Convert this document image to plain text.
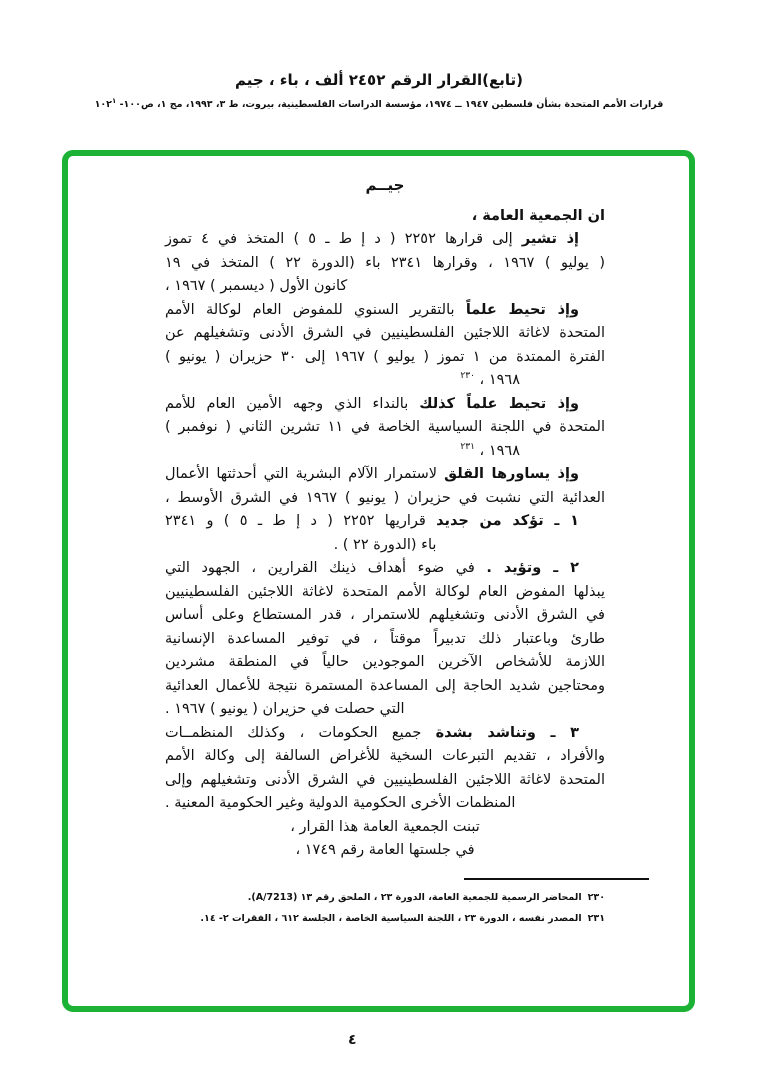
(تابع)القرار الرقم ٢٤٥٢ ألف ، باء ، جيم
قرارات الأمم المتحدة بشأن فلسطين ١٩٤٧ ــ ١٩٧٤، مؤسسة الدراسات الفلسطينية، بيروت، ط ٣، ١٩٩٣، مج ١، ص١٠٠- $١٠٢^١$
جيــم
ان الجمعية العامة ،
إذ تشير إلى قرارها ٢٢٥٢ ( د إ ط ـ ٥ ) المتخذ في ٤ تموز
( يوليو ) ١٩٦٧ ، وقرارها ٢٣٤١ باء (الدورة ٢٢ ) المتخذ في ١٩
كانون الأول ( ديسمبر ) ١٩٦٧ ،
وإذ تحيط علماً بالتقرير السنوي للمفوض العام لوكالة الأمم
المتحدة لاغاثة اللاجئين الفلسطينيين في الشرق الأدنى وتشغيلهم عن
الفترة الممتدة من ١ تموز ( يوليو ) ١٩٦٧ إلى ٣٠ حزيران ( يونيو )
١٩٦٨ ، $^{٢٣٠}$
وإذ تحيط علماً كذلك بالنداء الذي وجهه الأمين العام للأمم
المتحدة في اللجنة السياسية الخاصة في ١١ تشرين الثاني ( نوفمبر )
١٩٦٨ ، $^{٢٣١}$
وإذ يساورها القلق لاستمرار الآلام البشرية التي أحدثتها الأعمال
العدائية التي نشبت في حزيران ( يونيو ) ١٩٦٧ في الشرق الأوسط ،
١ ـ تؤكد من جديد قراريها ٢٢٥٢ ( د إ ط ـ ٥ ) و ٢٣٤١
باء (الدورة ٢٢ ) .
٢ ـ وتؤيد . في ضوء أهداف ذينك القرارين ، الجهود التي
يبذلها المفوض العام لوكالة الأمم المتحدة لاغاثة اللاجئين الفلسطينيين
في الشرق الأدنى وتشغيلهم للاستمرار ، قدر المستطاع وعلى أساس
طارئ وباعتبار ذلك تدبيراً موقتاً ، في توفير المساعدة الإنسانية
اللازمة للأشخاص الآخرين الموجودين حالياً في المنطقة مشردين
ومحتاجين شديد الحاجة إلى المساعدة المستمرة نتيجة للأعمال العدائية
التي حصلت في حزيران ( يونيو ) ١٩٦٧ .
٣ ـ وتناشد بشدة جميع الحكومات ، وكذلك المنظمــات
والأفراد ، تقديم التبرعات السخية للأغراض السالفة إلى وكالة الأمم
المتحدة لاغاثة اللاجئين الفلسطينيين في الشرق الأدنى وتشغيلهم وإلى
المنظمات الأخرى الحكومية الدولية وغير الحكومية المعنية .
تبنت الجمعية العامة هذا القرار ،
في جلستها العامة رقم ١٧٤٩ ،
٢٣٠المحاضر الرسمية للجمعية العامة، الدورة ٢٣ ، الملحق رقم ١٣ (A/7213).
٢٣١المصدر نفسه ، الدورة ٢٣ ، اللجنة السياسية الخاصة ، الجلسة ٦١٢ ، الفقرات ٢- ١٤.
٤
